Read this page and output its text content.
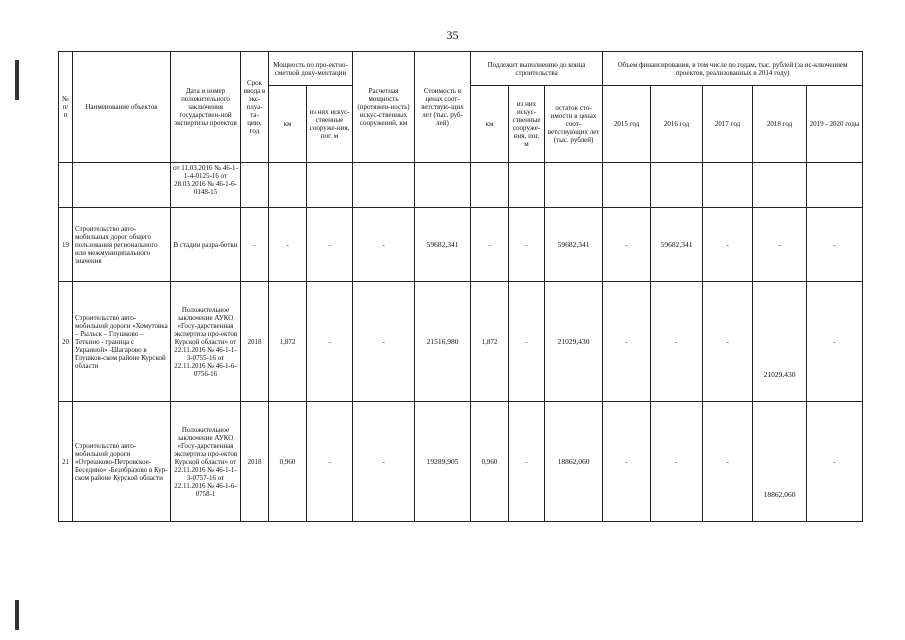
35
№ п/п	Наименование объектов	Дата и номер положительного заключения государствен-ной экспертизы проектов	Срок ввода в экс-плуа-та-цию, год	Мощность по про-ектно-сметной доку-ментации		Расчетная мощность (протяжен-ность) искус-ственных сооружений, км	Стоимость в ценах соот-ветствую-щих лет (тыс. руб-лей)	Подлежит выполнению до конца строительства			Объем финансирования, в том числе по годам, тыс. рублей (за ис-ключением проектов, реализованных в 2014 году)				
				км	из них искус-ственные сооруже-ния, пог. м			км	из них искус-ственные сооруже-ния, пог. м	остаток сто-имости в ценах соот-ветствующих лет (тыс. рублей)	2015 год	2016 год	2017 год	2018 год	2019 - 2020 годы
		от 11.03.2016 № 46-1-1-4-0125-16 от 28.03.2016 № 46-1-6-0148-15													
19	Строительство авто-мобильных дорог общего пользования регионального или межмуниципального значения	В стадии разра-ботки	-	-	-	-	59682,341	-	-	59682,341	-	59682,341	-	-	-
20	Строительство авто-мобильной дороги «Хомутовка – Рыльск – Глушково –Теткино - граница с Украиной» -Шагарово в Глушков-ском районе Курской области	Положительное заключение АУКО «Госу-дарственная экспертиза про-ектов Курской области» от 22.11.2016 № 46-1-1-3-0755-16 от 22.11.2016 № 46-1-6-0756-16	2018	1,872	-	-	21516,980	1,872	-	21029,430	-	-	-	21029,430	-
21	Строительство авто-мобильной дороги «Отрешково-Петровское-Беседино» -Безобразово в Кур-ском районе Курской области	Положительное заключение АУКО «Госу-дарственная экспертиза про-ектов Курской области» от 22.11.2016 № 46-1-1-3-0757-16 от 22.11.2016 № 46-1-6-0758-1	2018	0,960	-	-	19289,905	0,960	-	18862,060	-	-	-	18862,060	-
